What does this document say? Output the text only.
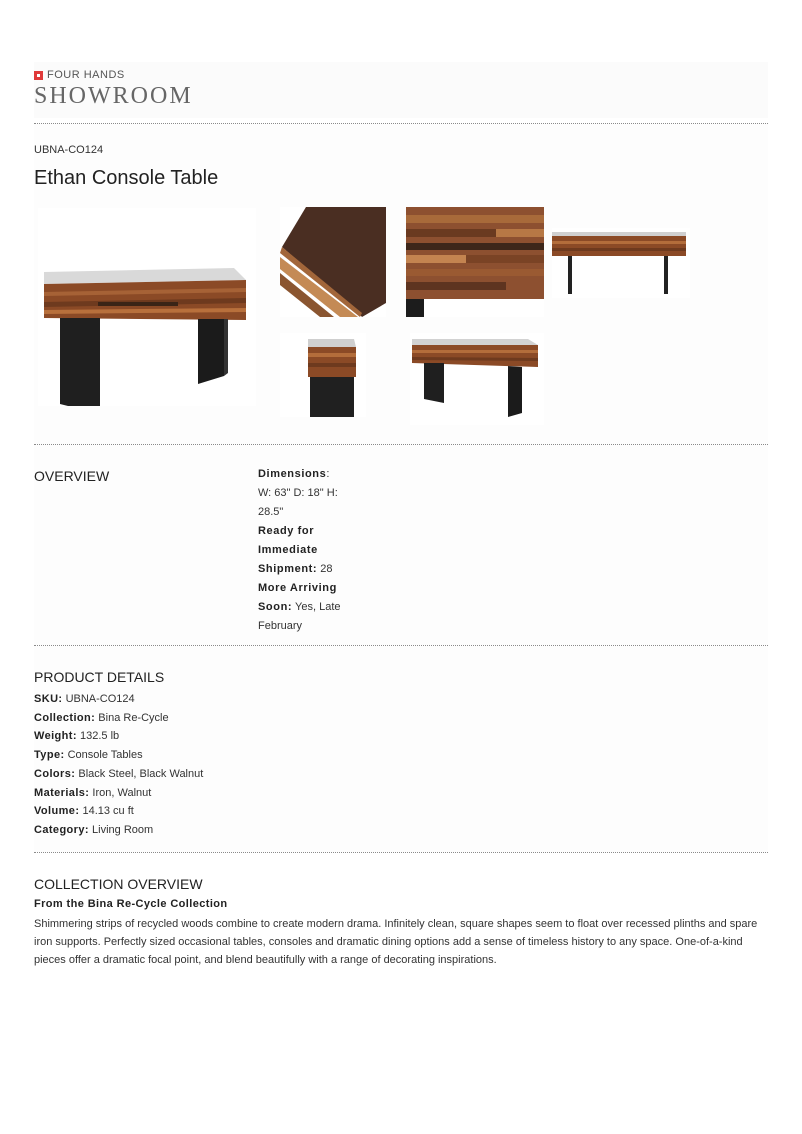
FOUR HANDS
SHOWROOM
UBNA-CO124
Ethan Console Table
OVERVIEW	Dimensions:
W: 63" D: 18" H: 28.5"
Ready for Immediate Shipment: 28
More Arriving Soon: Yes, Late February
PRODUCT DETAILS
SKU: UBNA-CO124
Collection: Bina Re-Cycle
Weight: 132.5 lb
Type: Console Tables
Colors: Black Steel, Black Walnut
Materials: Iron, Walnut
Volume: 14.13 cu ft
Category: Living Room
COLLECTION OVERVIEW
From the Bina Re-Cycle Collection
Shimmering strips of recycled woods combine to create modern drama. Infinitely clean, square shapes seem to float over recessed plinths and spare iron supports. Perfectly sized occasional tables, consoles and dramatic dining options add a sense of timeless history to any space. One-of-a-kind pieces offer a dramatic focal point, and blend beautifully with a range of decorating inspirations.
